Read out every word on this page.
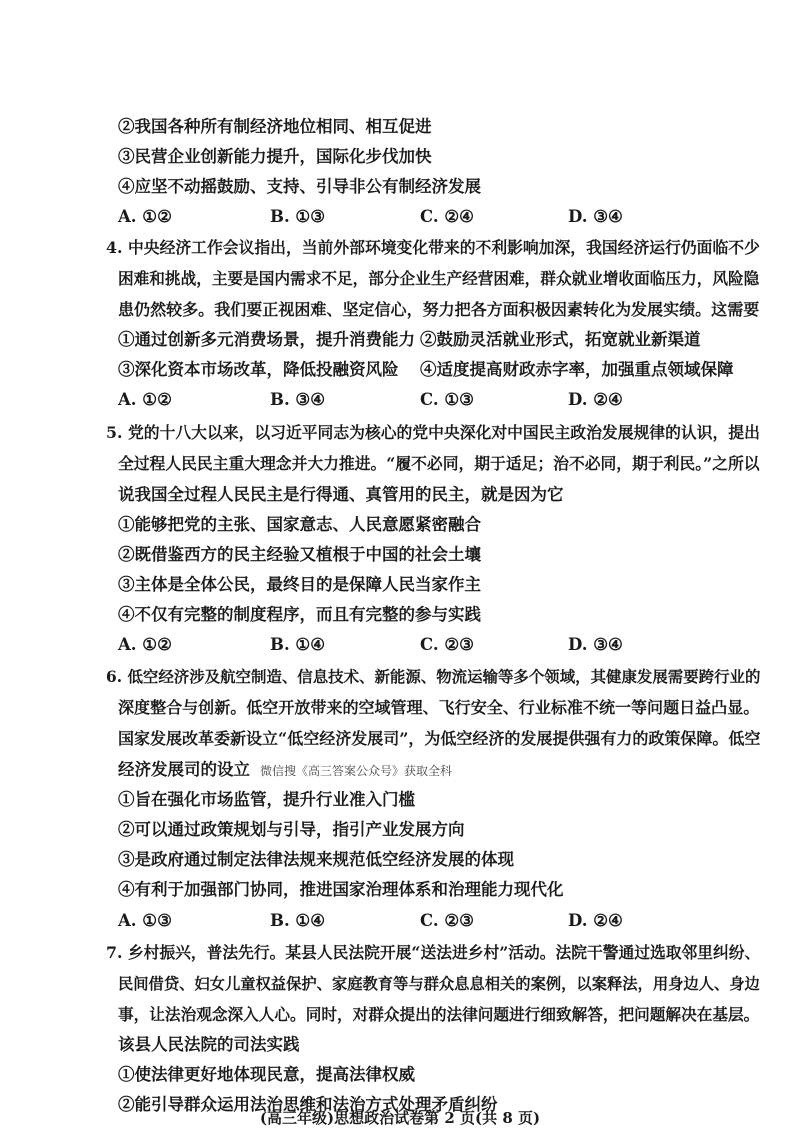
②我国各种所有制经济地位相同、相互促进
③民营企业创新能力提升，国际化步伐加快
④应坚不动摇鼓励、支持、引导非公有制经济发展
A. ①②	B. ①③	C. ②④	D. ③④
4. 中央经济工作会议指出，当前外部环境变化带来的不利影响加深，我国经济运行仍面临不少
困难和挑战，主要是国内需求不足，部分企业生产经营困难，群众就业增收面临压力，风险隐
患仍然较多。我们要正视困难、坚定信心，努力把各方面积极因素转化为发展实绩。这需要
①通过创新多元消费场景，提升消费能力 ②鼓励灵活就业形式，拓宽就业新渠道
③深化资本市场改革，降低投融资风险 ④适度提高财政赤字率，加强重点领域保障
A. ①②	B. ③④	C. ①③	D. ②④
5. 党的十八大以来，以习近平同志为核心的党中央深化对中国民主政治发展规律的认识，提出
全过程人民民主重大理念并大力推进。“履不必同，期于适足；治不必同，期于利民。”之所以
说我国全过程人民民主是行得通、真管用的民主，就是因为它
①能够把党的主张、国家意志、人民意愿紧密融合
②既借鉴西方的民主经验又植根于中国的社会土壤
③主体是全体公民，最终目的是保障人民当家作主
④不仅有完整的制度程序，而且有完整的参与实践
A. ①②	B. ①④	C. ②③	D. ③④
6. 低空经济涉及航空制造、信息技术、新能源、物流运输等多个领域，其健康发展需要跨行业的
深度整合与创新。低空开放带来的空域管理、飞行安全、行业标准不统一等问题日益凸显。
国家发展改革委新设立“低空经济发展司”，为低空经济的发展提供强有力的政策保障。低空
经济发展司的设立 微信搜《高三答案公众号》获取全科
①旨在强化市场监管，提升行业准入门槛
②可以通过政策规划与引导，指引产业发展方向
③是政府通过制定法律法规来规范低空经济发展的体现
④有利于加强部门协同，推进国家治理体系和治理能力现代化
A. ①③	B. ①④	C. ②③	D. ②④
7. 乡村振兴，普法先行。某县人民法院开展“送法进乡村”活动。法院干警通过选取邻里纠纷、
民间借贷、妇女儿童权益保护、家庭教育等与群众息息相关的案例，以案释法，用身边人、身边
事，让法治观念深入人心。同时，对群众提出的法律问题进行细致解答，把问题解决在基层。
该县人民法院的司法实践
①使法律更好地体现民意，提高法律权威
②能引导群众运用法治思维和法治方式处理矛盾纠纷
(高三年级)思想政治试卷第 2 页(共 8 页)
